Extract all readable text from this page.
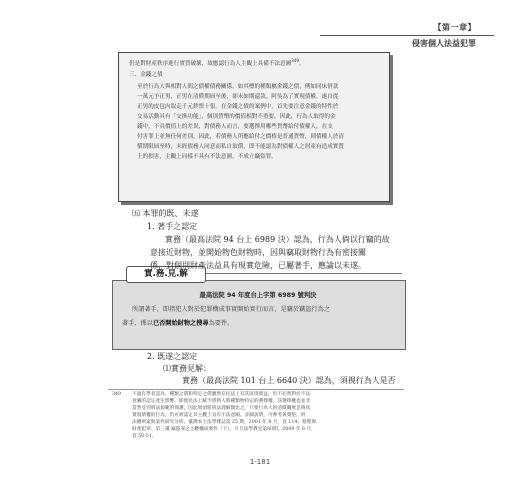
【第一章】
侵害個人法益犯罪
仍是對財產秩序進行實質破壞，故應認行為人主觀上具備不法意圖$^{349}$。
三、金錢之債
至於行為人與相對人間之債權債務關係，如其標的種類屬金錢之債，例如同床借款
一萬元予正男，正男在清償期屆至後，卻未如期還款。阿吳為了實現債權，遂自從
正男的皮包內取走千元鈔票十張。在金錢之債的案例中，首先要注意金錢的特性於
交易活動具有「交換功能」，個別貨幣的價值相對不重要，因此，行為人取得的金
錢中，不具價值上的差異，對債務人而言，要選擇用哪些貨幣給付債權人，在支
付害罪上並無任何差別。因此，若債務人所應給付之價格是普通貨幣，則債權人於清
償期限屆至時，未經債務人同意而私自取償，即不能認為對債權人之財產有造成實質
上的損害，主觀上同樣不具有不法意圖，不成立竊盜罪。
㈤ 本罪的既、未遂
1. 著手之認定
實務（最高法院 94 台上 6989 決）認為，行為人倘以行竊的故
實.務.見.解
最高法院 94 年度台上字第 6989 號判決
所謂著手，即指犯人對於犯罪構成事實開始實行而言，是竊於竊盜行為之
著手，係以已否開始財物之搜尋為要件。
2. 既遂之認定
349 不過有學者認為，種類之債和特定之債雖然在民法上有其區別實益，但不必然對於不法
意圖的認定產生影響。即使民法上賦予債務人將種類物特定的選擇權，該選擇權也並非
當然受到刑法規範的保護，因此無須將刑法理解類比之，只要行為人的清償關無足夠真
實現債權的行為，仍可被認定其主觀上具有不法意圖。詳細說明，可參考黃榮堅，刑
法總則案與案件研究分析，臺灣本土法學雜誌第 25 期，2001 年 8 月，頁 114；蔡聖偉，
財產犯罪：第三講 竊盜罪之主觀構成要件（下），月旦法學教室第80期，2009 年 6 月，
頁 50-51。
1-181
意接近財物，並開始物色財物時，因與竊取財物行為有密接關
係，對個別財產法益具有現實危險，已屬著手，應論以未遂。
⑴實務見解：
實務（最高法院 101 台上 6640 決）認為，須視行為人是否
